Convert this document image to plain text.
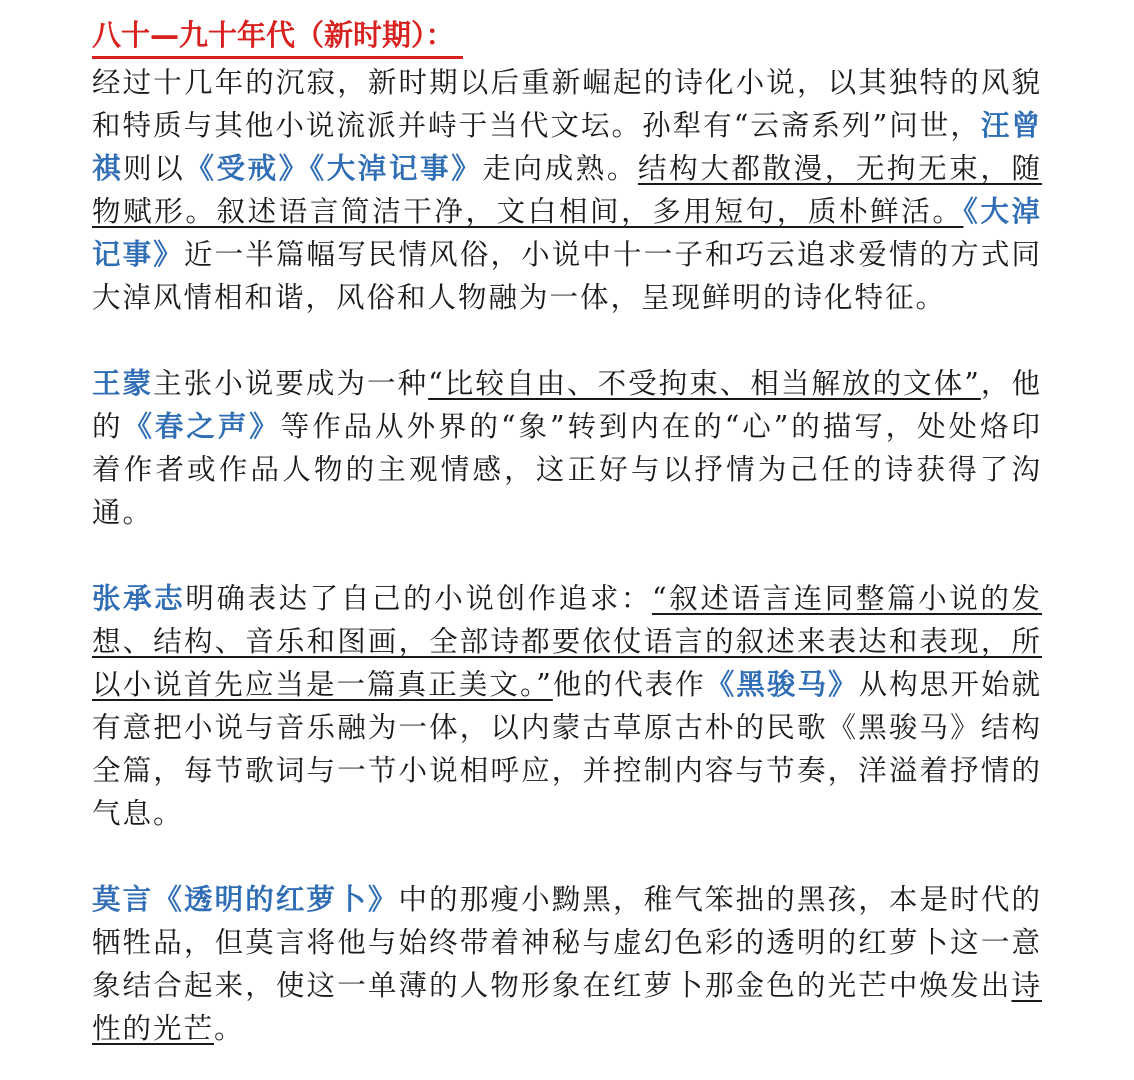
八十—九十年代（新时期）：

经过十几年的沉寂，新时期以后重新崛起的诗化小说，以其独特的风貌和特质与其他小说流派并峙于当代文坛。孙犁有“云斋系列”问世，汪曾祺则以《受戒》《大淖记事》走向成熟。结构大都散漫，无拘无束，随物赋形。叙述语言简洁干净，文白相间，多用短句，质朴鲜活。《大淖记事》近一半篇幅写民情风俗，小说中十一子和巧云追求爱情的方式同大淖风情相和谐，风俗和人物融为一体，呈现鲜明的诗化特征。

王蒙主张小说要成为一种“比较自由、不受拘束、相当解放的文体”，他的《春之声》等作品从外界的“象”转到内在的“心”的描写，处处烙印着作者或作品人物的主观情感，这正好与以抒情为己任的诗获得了沟通。

张承志明确表达了自己的小说创作追求：“叙述语言连同整篇小说的发想、结构、音乐和图画，全部诗都要依仗语言的叙述来表达和表现，所以小说首先应当是一篇真正美文。”他的代表作《黑骏马》从构思开始就有意把小说与音乐融为一体，以内蒙古草原古朴的民歌《黑骏马》结构全篇，每节歌词与一节小说相呼应，并控制内容与节奏，洋溢着抒情的气息。

莫言《透明的红萝卜》中的那瘦小黝黑，稚气笨拙的黑孩，本是时代的牺牲品，但莫言将他与始终带着神秘与虚幻色彩的透明的红萝卜这一意象结合起来，使这一单薄的人物形象在红萝卜那金色的光芒中焕发出诗性的光芒。
